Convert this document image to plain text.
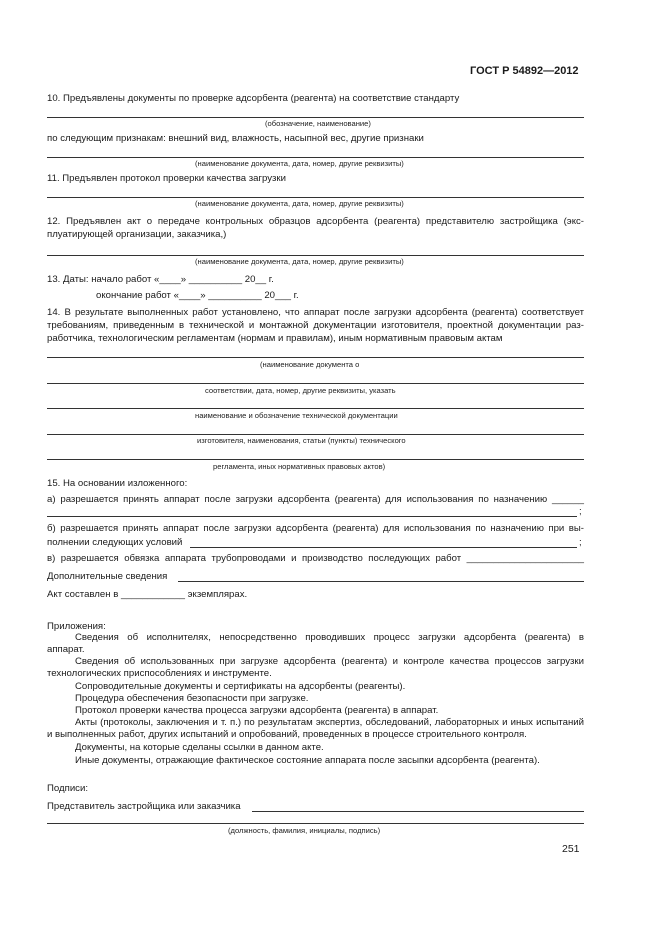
ГОСТ Р 54892—2012
10. Предъявлены документы по проверке адсорбента (реагента) на соответствие стандарту
(обозначение, наименование)
по следующим признакам: внешний вид, влажность, насыпной вес, другие признаки
(наименование документа, дата, номер, другие реквизиты)
11. Предъявлен протокол проверки качества загрузки
(наименование документа, дата, номер, другие реквизиты)
12. Предъявлен акт о передаче контрольных образцов адсорбента (реагента) представителю застройщика (экс-
плуатирующей организации, заказчика,)
(наименование документа, дата, номер, другие реквизиты)
13. Даты: начало работ «____» __________ 20__ г.
окончание работ «____» __________ 20___ г.
14. В результате выполненных работ установлено, что аппарат после загрузки адсорбента (реагента) соответствует
требованиям, приведенным в технической и монтажной документации изготовителя, проектной документации раз-
работчика, технологическим регламентам (нормам и правилам), иным нормативным правовым актам
(наименование документа о
соответствии, дата, номер, другие реквизиты, указать
наименование и обозначение технической документации
изготовителя, наименования, статьи (пункты) технического
регламента, иных нормативных правовых актов)
15. На основании изложенного:
а) разрешается принять аппарат после загрузки адсорбента (реагента) для использования по назначению ______
;
б) разрешается принять аппарат после загрузки адсорбента (реагента) для использования по назначению при вы-
полнении следующих условий	;
в) разрешается обвязка аппарата трубопроводами и производство последующих работ ______________________
Дополнительные сведения
Акт составлен в ____________ экземплярах.
Приложения:
Сведения об исполнителях, непосредственно проводивших процесс загрузки адсорбента (реагента) в
аппарат.
Сведения об использованных при загрузке адсорбента (реагента) и контроле качества процессов загрузки
технологических приспособлениях и инструменте.
Сопроводительные документы и сертификаты на адсорбенты (реагенты).
Процедура обеспечения безопасности при загрузке.
Протокол проверки качества процесса загрузки адсорбента (реагента) в аппарат.
Акты (протоколы, заключения и т. п.) по результатам экспертиз, обследований, лабораторных и иных испытаний
и выполненных работ, других испытаний и опробований, проведенных в процессе строительного контроля.
Документы, на которые сделаны ссылки в данном акте.
Иные документы, отражающие фактическое состояние аппарата после засыпки адсорбента (реагента).
Подписи:
Представитель застройщика или заказчика
(должность, фамилия, инициалы, подпись)
251
